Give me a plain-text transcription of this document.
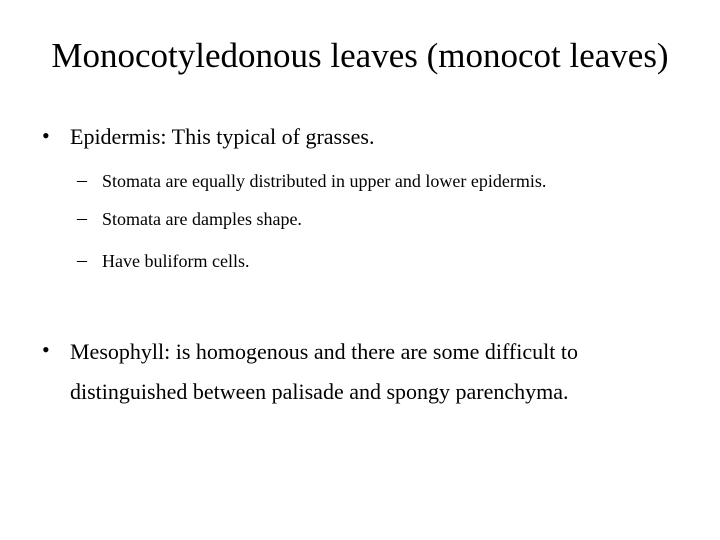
Monocotyledonous leaves (monocot leaves)
• Epidermis: This typical of grasses.
– Stomata are equally distributed in upper and lower epidermis.
– Stomata are damples shape.
– Have buliform cells.
• Mesophyll: is homogenous and there are some difficult to
distinguished between palisade and spongy parenchyma.
